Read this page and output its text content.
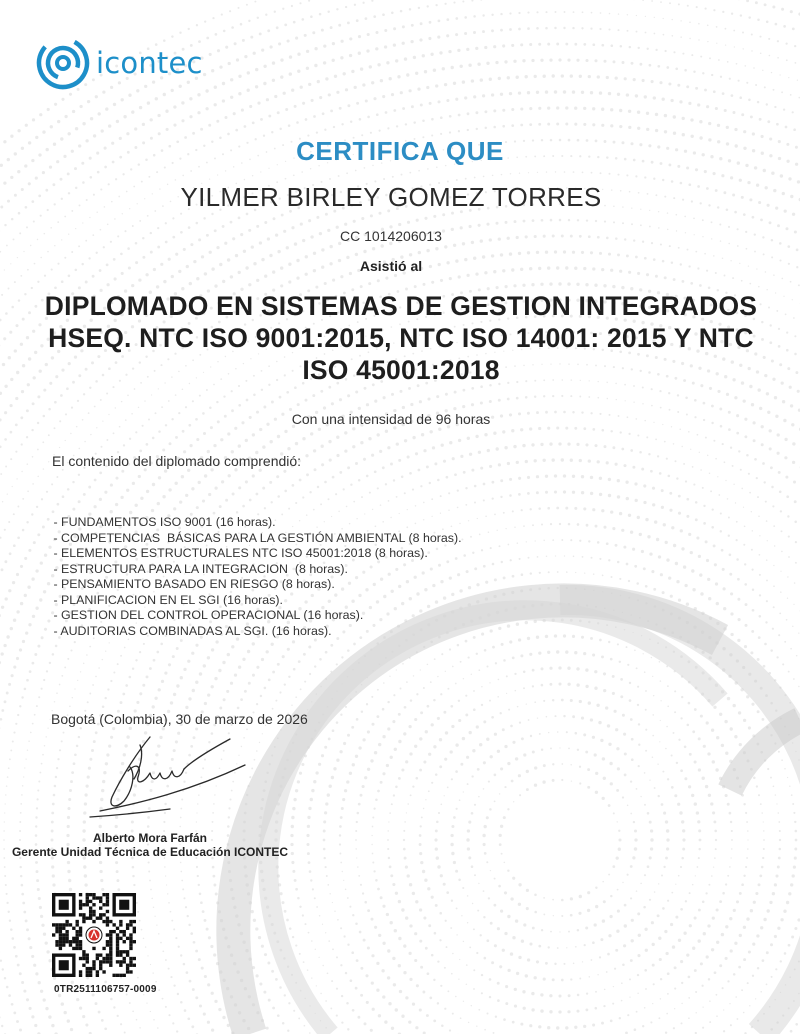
icontec
CERTIFICA QUE
YILMER BIRLEY GOMEZ TORRES
CC 1014206013
Asistió al
DIPLOMADO EN SISTEMAS DE GESTION INTEGRADOS HSEQ. NTC ISO 9001:2015, NTC ISO 14001: 2015 Y NTC ISO 45001:2018
Con una intensidad de 96 horas
El contenido del diplomado comprendió:
- FUNDAMENTOS ISO 9001 (16 horas).
- COMPETENCIAS  BÁSICAS PARA LA GESTIÓN AMBIENTAL (8 horas).
- ELEMENTOS ESTRUCTURALES NTC ISO 45001:2018 (8 horas).
- ESTRUCTURA PARA LA INTEGRACION  (8 horas).
- PENSAMIENTO BASADO EN RIESGO (8 horas).
- PLANIFICACION EN EL SGI (16 horas).
- GESTION DEL CONTROL OPERACIONAL (16 horas).
- AUDITORIAS COMBINADAS AL SGI. (16 horas).
Bogotá (Colombia), 30 de marzo de 2026
Alberto Mora Farfán
Gerente Unidad Técnica de Educación ICONTEC
0TR2511106757-0009
